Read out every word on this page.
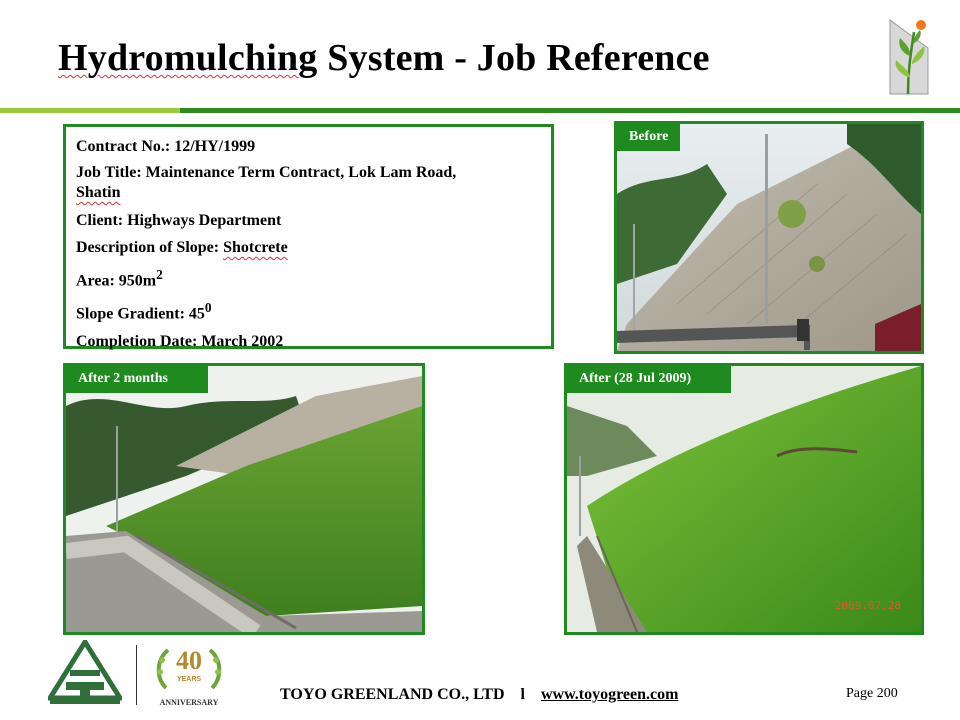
Hydromulching System - Job Reference
Contract No.: 12/HY/1999
Job Title: Maintenance Term Contract, Lok Lam Road,
Shatin
Client: Highways Department
Description of Slope: Shotcrete
Area: $950m^2$
Slope Gradient: $45^0$
Completion Date: March 2002
Before
After 2 months	After (28 Jul 2009)
2009.07.28
40
YEARS
ANNIVERSARY	TOYO GREENLAND CO., LTD l www.toyogreen.com	Page 200
